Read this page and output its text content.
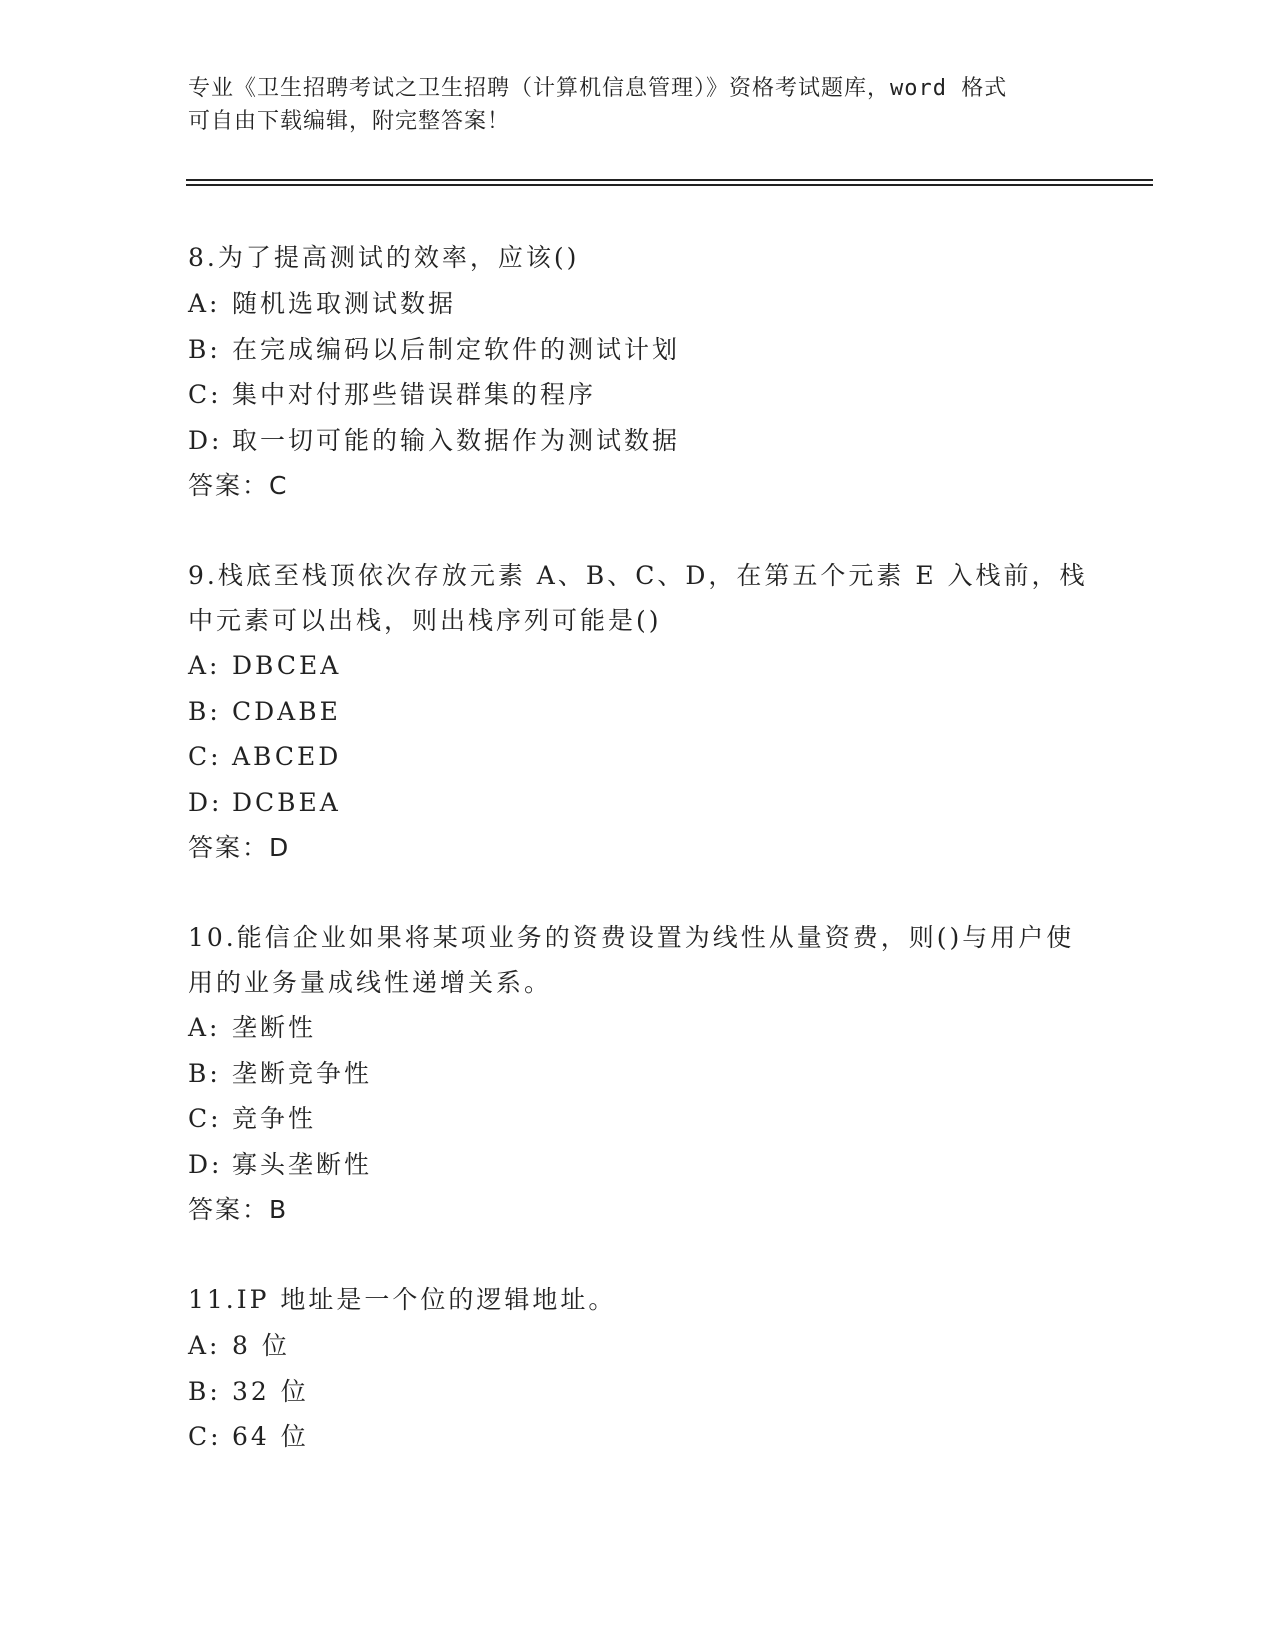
专业《卫生招聘考试之卫生招聘（计算机信息管理）》资格考试题库，word 格式
可自由下载编辑，附完整答案！
8.为了提高测试的效率，应该()
A: 随机选取测试数据
B: 在完成编码以后制定软件的测试计划
C: 集中对付那些错误群集的程序
D: 取一切可能的输入数据作为测试数据
答案：C
9.栈底至栈顶依次存放元素 A、B、C、D，在第五个元素 E 入栈前，栈中元素可以出栈，则出栈序列可能是()
A: DBCEA
B: CDABE
C: ABCED
D: DCBEA
答案：D
10.能信企业如果将某项业务的资费设置为线性从量资费，则()与用户使用的业务量成线性递增关系。
A: 垄断性
B: 垄断竞争性
C: 竞争性
D: 寡头垄断性
答案：B
11.IP 地址是一个位的逻辑地址。
A: 8 位
B: 32 位
C: 64 位
